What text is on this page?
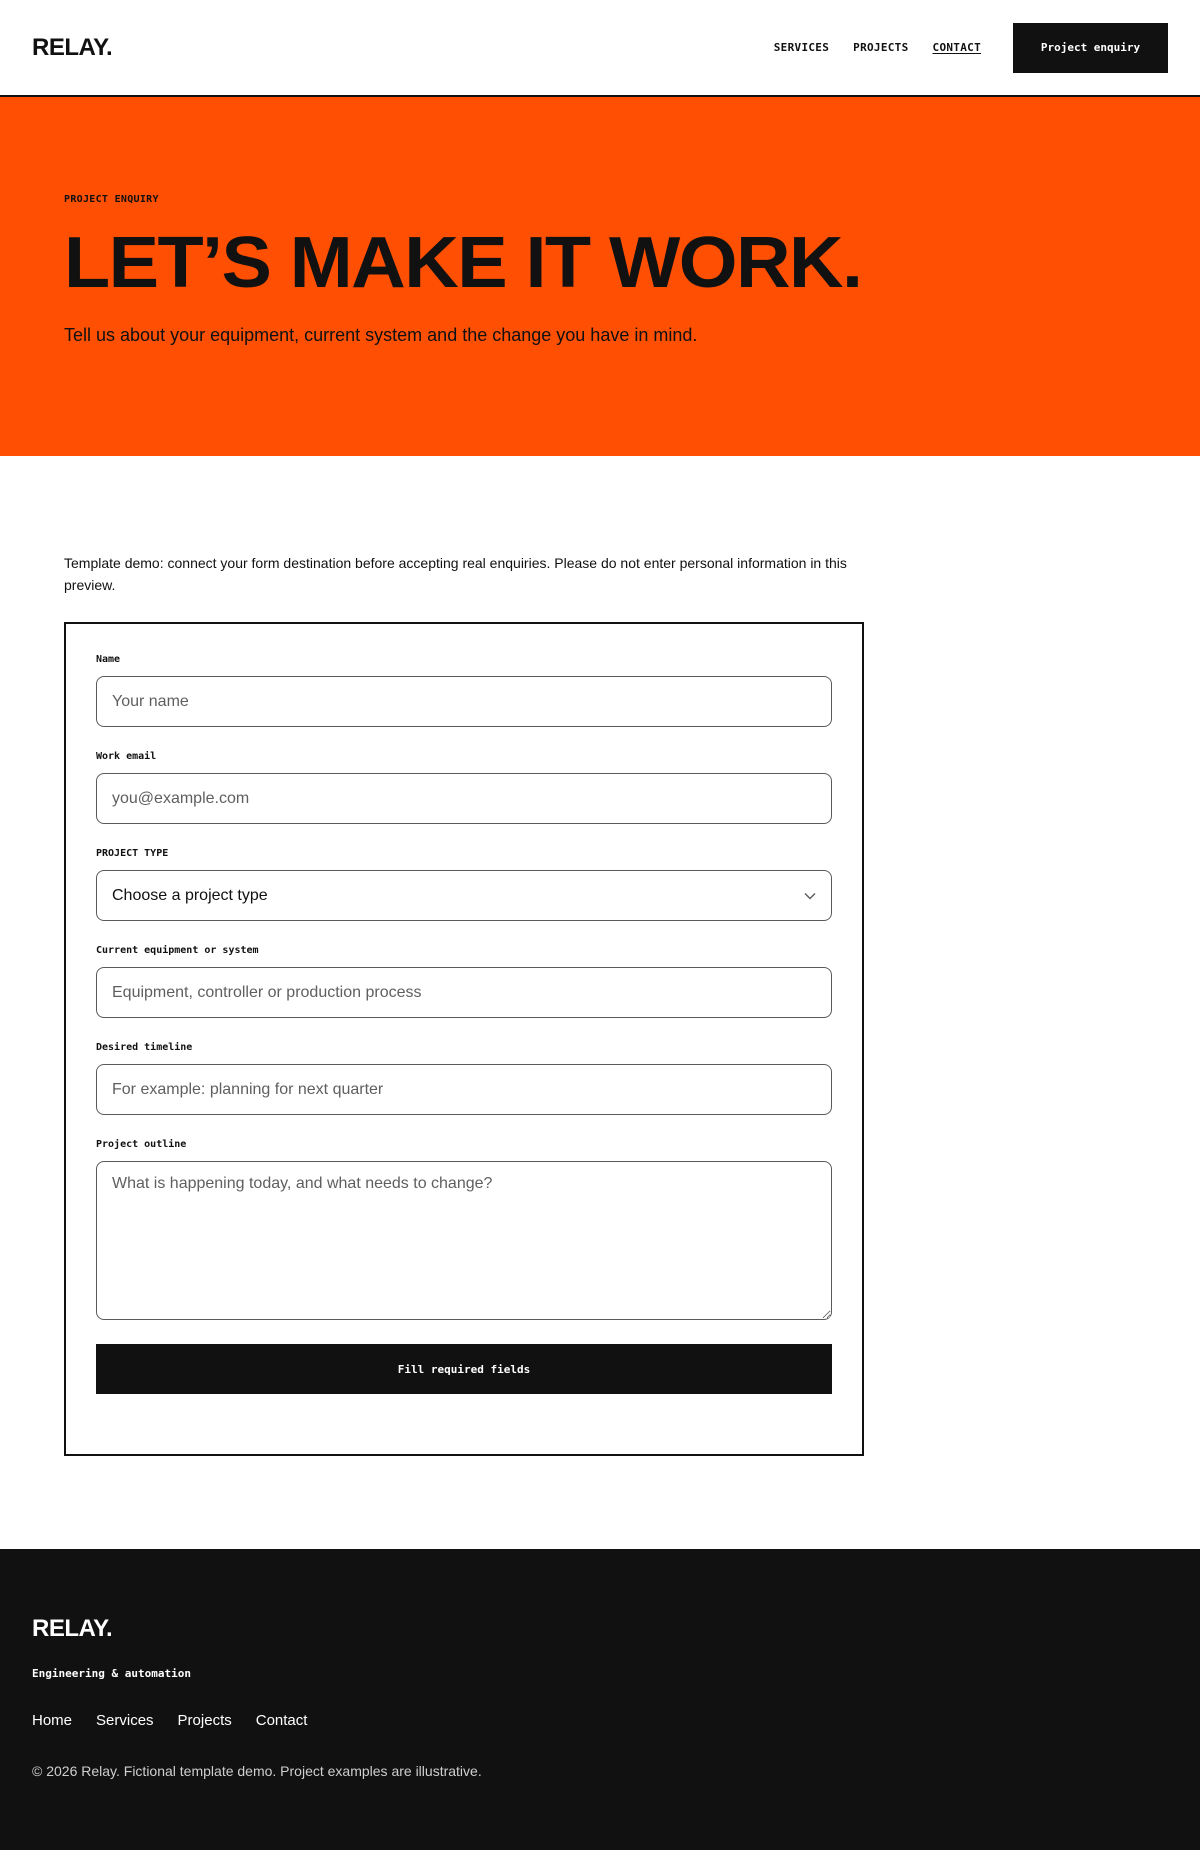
RELAY.	SERVICES PROJECTS CONTACT	Project enquiry
PROJECT ENQUIRY
LET’S MAKE IT WORK.

Tell us about your equipment, current system and the change you have in mind.

Template demo: connect your form destination before accepting real enquiries. Please do not enter personal information in this preview.

Name
Your name
Work email
you@example.com
PROJECT TYPE
Choose a project type
Current equipment or system
Equipment, controller or production process
Desired timeline
For example: planning for next quarter
Project outline
What is happening today, and what needs to change?
Fill required fields
RELAY.
Engineering & automation
Home Services Projects Contact

© 2026 Relay. Fictional template demo. Project examples are illustrative.
